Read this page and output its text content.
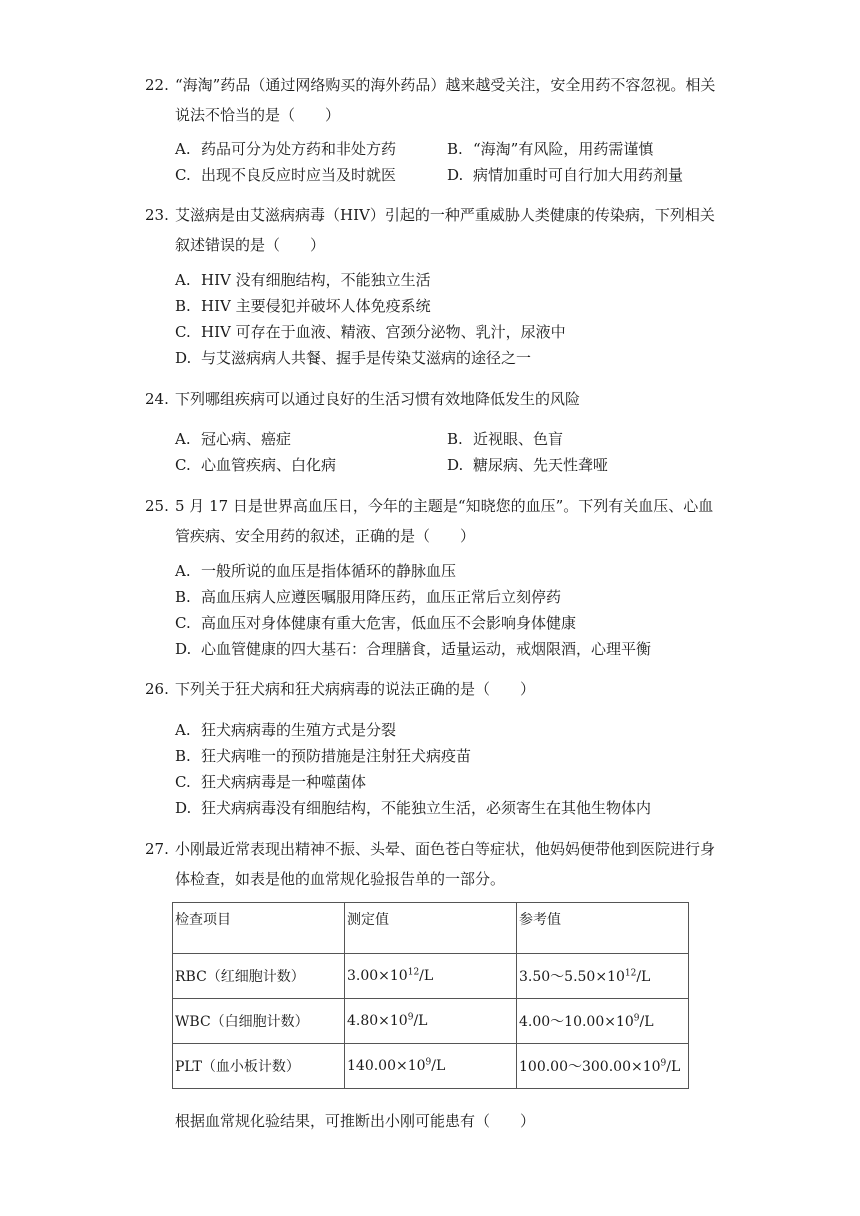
22. “海淘”药品（通过网络购买的海外药品）越来越受关注，安全用药不容忽视。相关说法不恰当的是（　　）
A. 药品可分为处方药和非处方药	B. “海淘”有风险，用药需谨慎
C. 出现不良反应时应当及时就医	D. 病情加重时可自行加大用药剂量
23. 艾滋病是由艾滋病病毒（HIV）引起的一种严重威胁人类健康的传染病，下列相关叙述错误的是（　　）
A. HIV 没有细胞结构，不能独立生活
B. HIV 主要侵犯并破坏人体免疫系统
C. HIV 可存在于血液、精液、宫颈分泌物、乳汁，尿液中
D. 与艾滋病病人共餐、握手是传染艾滋病的途径之一
24. 下列哪组疾病可以通过良好的生活习惯有效地降低发生的风险
A. 冠心病、癌症	B. 近视眼、色盲
C. 心血管疾病、白化病	D. 糖尿病、先天性聋哑
25. 5 月 17 日是世界高血压日，今年的主题是“知晓您的血压”。下列有关血压、心血管疾病、安全用药的叙述，正确的是（　　）
A. 一般所说的血压是指体循环的静脉血压
B. 高血压病人应遵医嘱服用降压药，血压正常后立刻停药
C. 高血压对身体健康有重大危害，低血压不会影响身体健康
D. 心血管健康的四大基石：合理膳食，适量运动，戒烟限酒，心理平衡
26. 下列关于狂犬病和狂犬病病毒的说法正确的是（　　）
A. 狂犬病病毒的生殖方式是分裂
B. 狂犬病唯一的预防措施是注射狂犬病疫苗
C. 狂犬病病毒是一种噬菌体
D. 狂犬病病毒没有细胞结构，不能独立生活，必须寄生在其他生物体内
27. 小刚最近常表现出精神不振、头晕、面色苍白等症状，他妈妈便带他到医院进行身体检查，如表是他的血常规化验报告单的一部分。
检查项目	测定值	参考值
RBC（红细胞计数）	$3.00\times 10^{12}/L$	$3.50\sim 5.50\times 10^{12}/L$
WBC（白细胞计数）	$4.80\times 10^9/L$	$4.00\sim 10.00\times 10^9/L$
PLT（血小板计数）	$140.00\times 10^9/L$	$100.00\sim 300.00\times 10^9/L$
根据血常规化验结果，可推断出小刚可能患有（　　）
